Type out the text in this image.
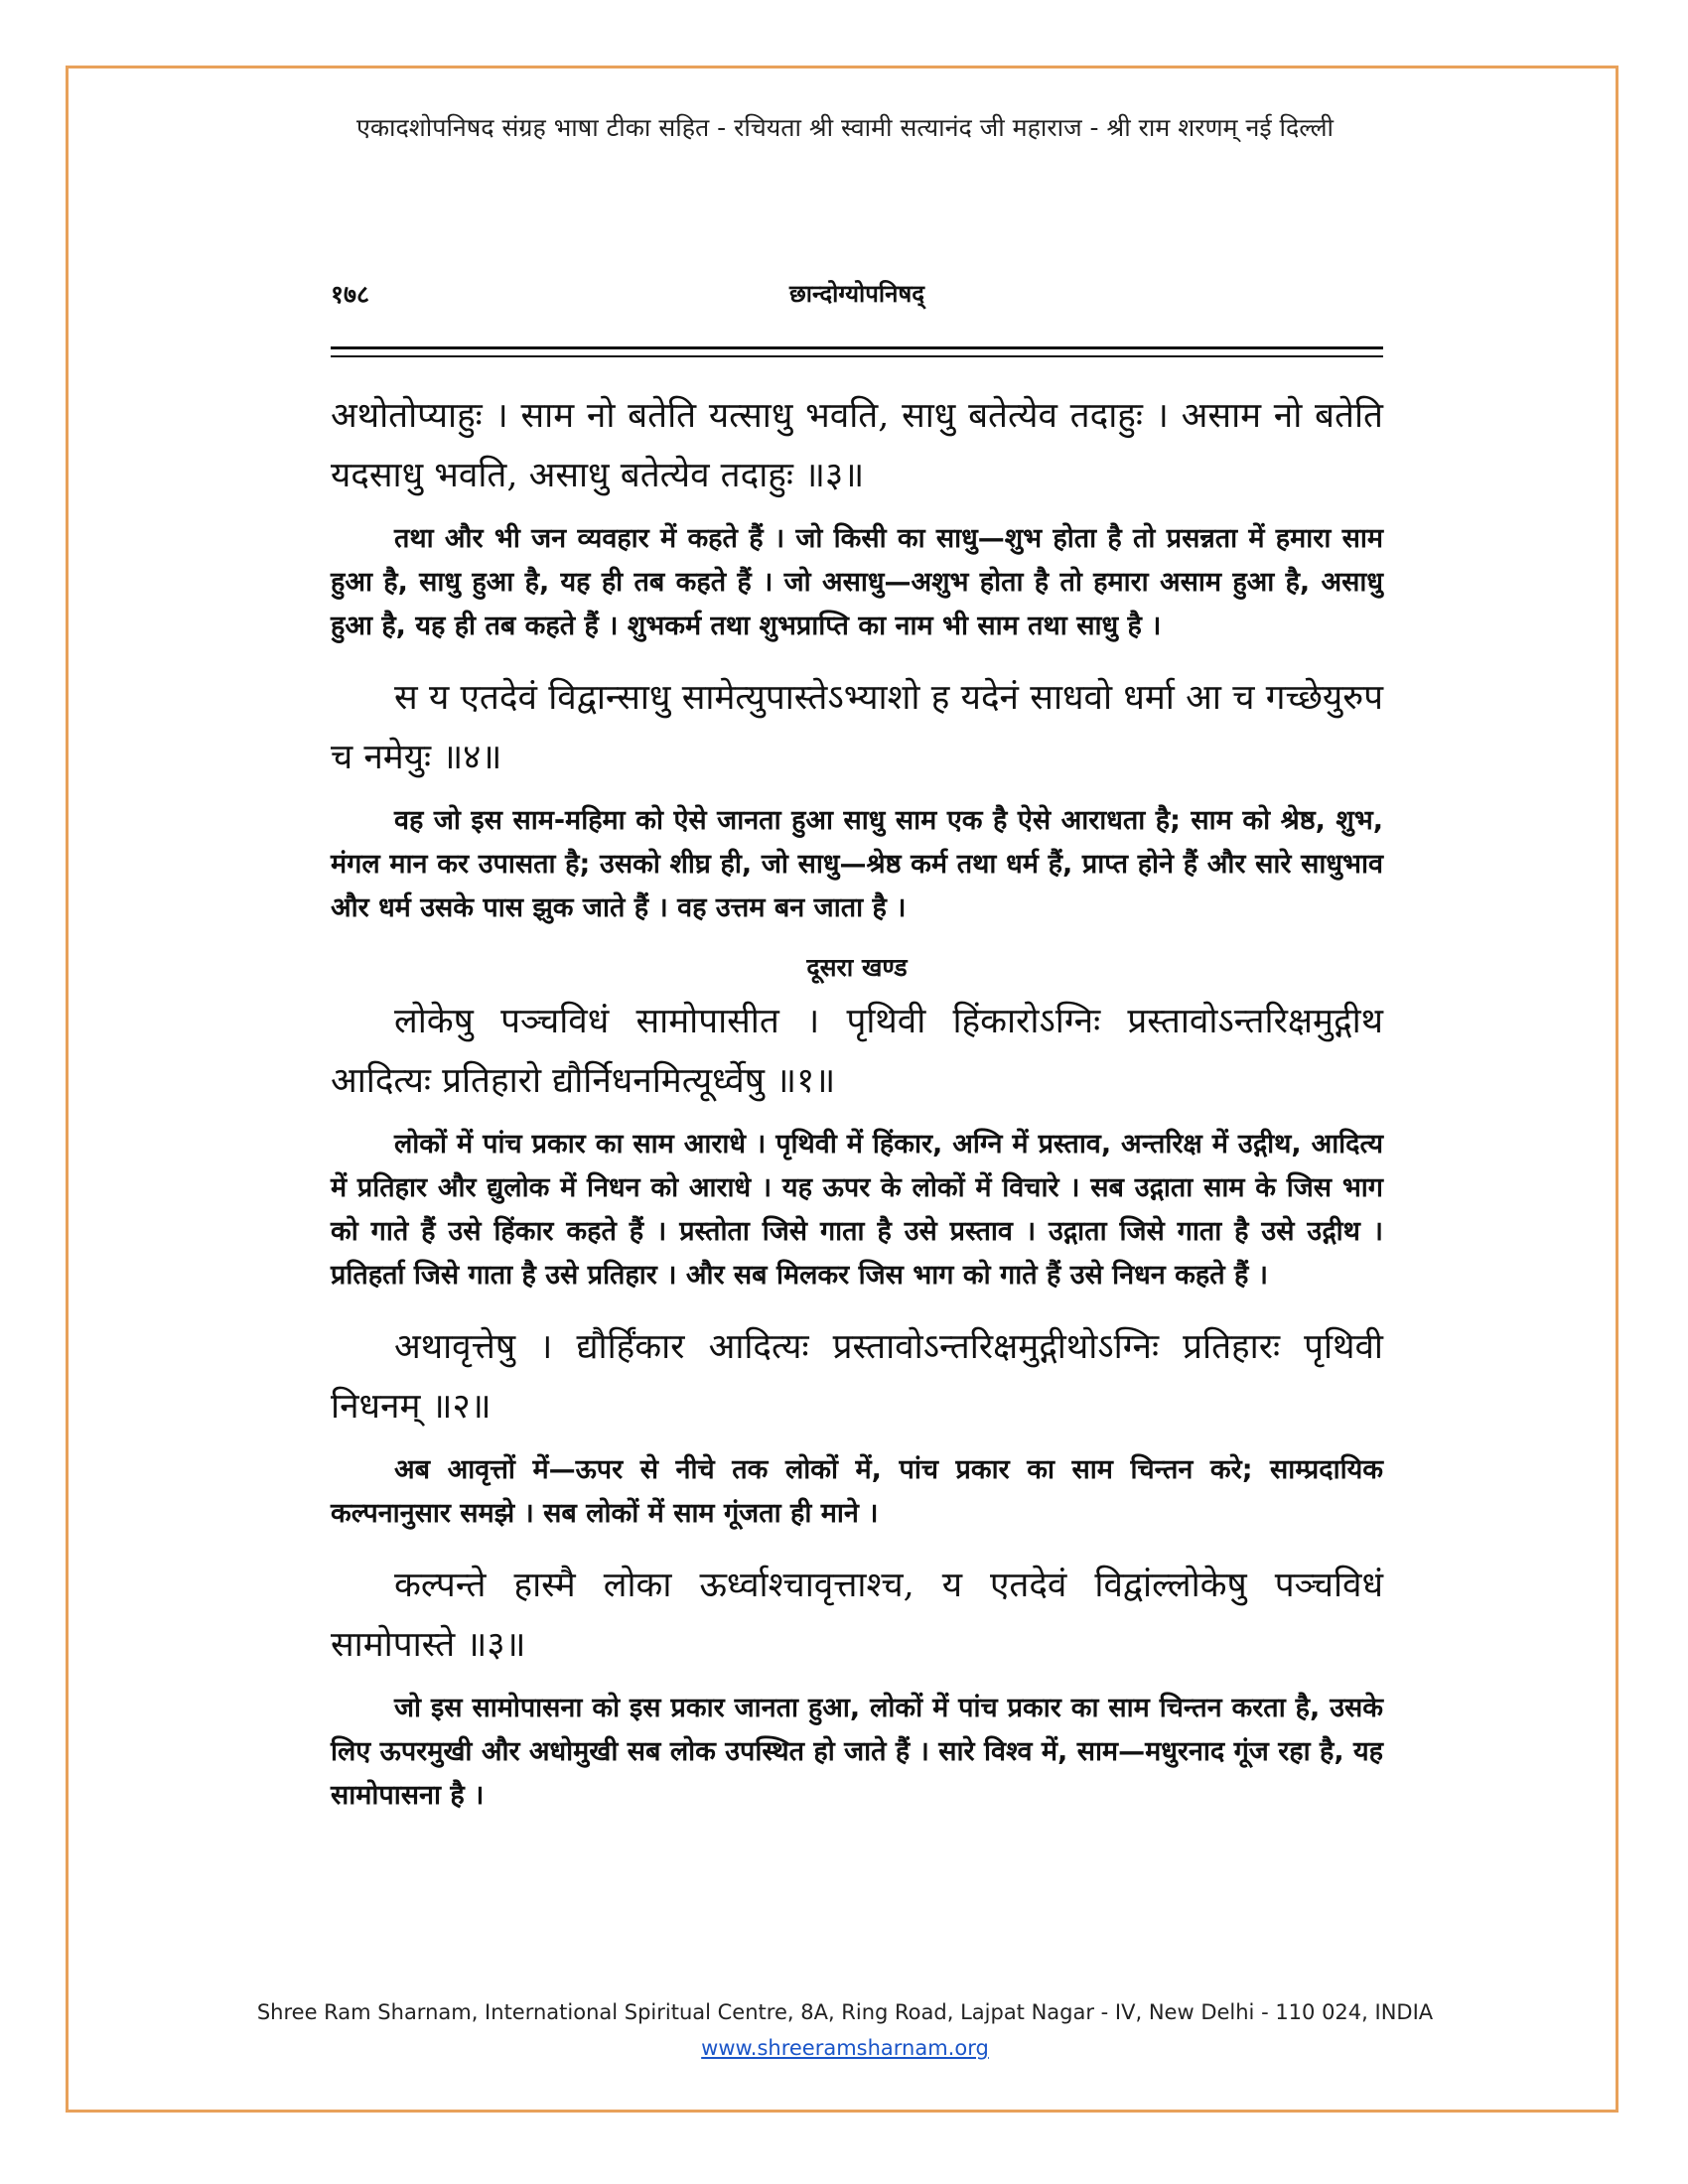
एकादशोपनिषद संग्रह भाषा टीका सहित - रचियता श्री स्वामी सत्यानंद जी महाराज - श्री राम शरणम् नई दिल्ली
१७८	छान्दोग्योपनिषद्

अथोतोप्याहुः । साम नो बतेति यत्साधु भवति, साधु बतेत्येव तदाहुः । असाम नो बतेति यदसाधु भवति, असाधु बतेत्येव तदाहुः ॥३॥

तथा और भी जन व्यवहार में कहते हैं । जो किसी का साधु—शुभ होता है तो प्रसन्नता में हमारा साम हुआ है, साधु हुआ है, यह ही तब कहते हैं । जो असाधु—अशुभ होता है तो हमारा असाम हुआ है, असाधु हुआ है, यह ही तब कहते हैं । शुभकर्म तथा शुभप्राप्ति का नाम भी साम तथा साधु है ।

स य एतदेवं विद्वान्साधु सामेत्युपास्तेऽभ्याशो ह यदेनं साधवो धर्मा आ च गच्छेयुरुप च नमेयुः ॥४॥

वह जो इस साम-महिमा को ऐसे जानता हुआ साधु साम एक है ऐसे आराधता है; साम को श्रेष्ठ, शुभ, मंगल मान कर उपासता है; उसको शीघ्र ही, जो साधु—श्रेष्ठ कर्म तथा धर्म हैं, प्राप्त होने हैं और सारे साधुभाव और धर्म उसके पास झुक जाते हैं । वह उत्तम बन जाता है ।

दूसरा खण्ड

लोकेषु पञ्चविधं सामोपासीत । पृथिवी हिंकारोऽग्निः प्रस्तावोऽन्तरिक्षमुद्गीथ आदित्यः प्रतिहारो द्यौर्निधनमित्यूर्ध्वेषु ॥१॥

लोकों में पांच प्रकार का साम आराधे । पृथिवी में हिंकार, अग्नि में प्रस्ताव, अन्तरिक्ष में उद्गीथ, आदित्य में प्रतिहार और द्युलोक में निधन को आराधे । यह ऊपर के लोकों में विचारे । सब उद्गाता साम के जिस भाग को गाते हैं उसे हिंकार कहते हैं । प्रस्तोता जिसे गाता है उसे प्रस्ताव । उद्गाता जिसे गाता है उसे उद्गीथ । प्रतिहर्ता जिसे गाता है उसे प्रतिहार । और सब मिलकर जिस भाग को गाते हैं उसे निधन कहते हैं ।

अथावृत्तेषु । द्यौर्हिंकार आदित्यः प्रस्तावोऽन्तरिक्षमुद्गीथोऽग्निः प्रतिहारः पृथिवी निधनम् ॥२॥

अब आवृत्तों में—ऊपर से नीचे तक लोकों में, पांच प्रकार का साम चिन्तन करे; साम्प्रदायिक कल्पनानुसार समझे । सब लोकों में साम गूंजता ही माने ।

कल्पन्ते हास्मै लोका ऊर्ध्वाश्चावृत्ताश्च, य एतदेवं विद्वांल्लोकेषु पञ्चविधं सामोपास्ते ॥३॥

जो इस सामोपासना को इस प्रकार जानता हुआ, लोकों में पांच प्रकार का साम चिन्तन करता है, उसके लिए ऊपरमुखी और अधोमुखी सब लोक उपस्थित हो जाते हैं । सारे विश्व में, साम—मधुरनाद गूंज रहा है, यह सामोपासना है ।

Shree Ram Sharnam, International Spiritual Centre, 8A, Ring Road, Lajpat Nagar - IV, New Delhi - 110 024, INDIA
www.shreeramsharnam.org
